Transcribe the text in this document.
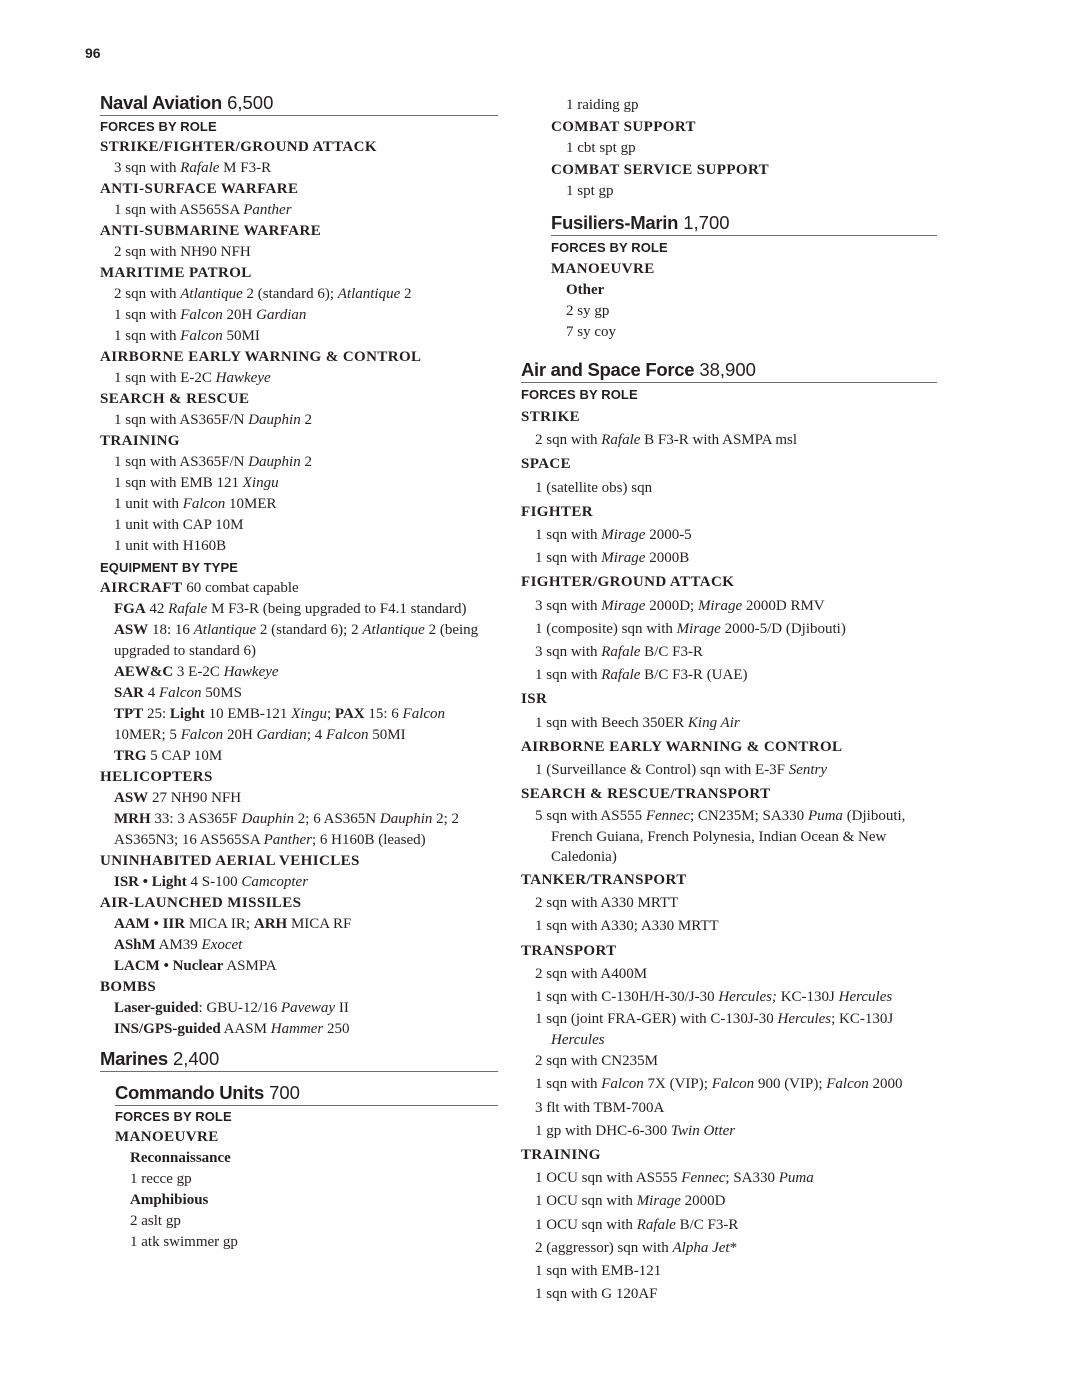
96
Naval Aviation 6,500
FORCES BY ROLE
STRIKE/FIGHTER/GROUND ATTACK
3 sqn with Rafale M F3-R
ANTI-SURFACE WARFARE
1 sqn with AS565SA Panther
ANTI-SUBMARINE WARFARE
2 sqn with NH90 NFH
MARITIME PATROL
2 sqn with Atlantique 2 (standard 6); Atlantique 2
1 sqn with Falcon 20H Gardian
1 sqn with Falcon 50MI
AIRBORNE EARLY WARNING & CONTROL
1 sqn with E-2C Hawkeye
SEARCH & RESCUE
1 sqn with AS365F/N Dauphin 2
TRAINING
1 sqn with AS365F/N Dauphin 2
1 sqn with EMB 121 Xingu
1 unit with Falcon 10MER
1 unit with CAP 10M
1 unit with H160B
EQUIPMENT BY TYPE
AIRCRAFT 60 combat capable
FGA 42 Rafale M F3-R (being upgraded to F4.1 standard)
ASW 18: 16 Atlantique 2 (standard 6); 2 Atlantique 2 (being upgraded to standard 6)
AEW&C 3 E-2C Hawkeye
SAR 4 Falcon 50MS
TPT 25: Light 10 EMB-121 Xingu; PAX 15: 6 Falcon 10MER; 5 Falcon 20H Gardian; 4 Falcon 50MI
TRG 5 CAP 10M
HELICOPTERS
ASW 27 NH90 NFH
MRH 33: 3 AS365F Dauphin 2; 6 AS365N Dauphin 2; 2 AS365N3; 16 AS565SA Panther; 6 H160B (leased)
UNINHABITED AERIAL VEHICLES
ISR • Light 4 S-100 Camcopter
AIR-LAUNCHED MISSILES
AAM • IIR MICA IR; ARH MICA RF
AShM AM39 Exocet
LACM • Nuclear ASMPA
BOMBS
Laser-guided: GBU-12/16 Paveway II
INS/GPS-guided AASM Hammer 250
Marines 2,400
Commando Units 700
FORCES BY ROLE
MANOEUVRE
Reconnaissance
1 recce gp
Amphibious
2 aslt gp
1 atk swimmer gp
1 raiding gp
COMBAT SUPPORT
1 cbt spt gp
COMBAT SERVICE SUPPORT
1 spt gp
Fusiliers-Marin 1,700
FORCES BY ROLE
MANOEUVRE
Other
2 sy gp
7 sy coy
Air and Space Force 38,900
FORCES BY ROLE
STRIKE
2 sqn with Rafale B F3-R with ASMPA msl
SPACE
1 (satellite obs) sqn
FIGHTER
1 sqn with Mirage 2000-5
1 sqn with Mirage 2000B
FIGHTER/GROUND ATTACK
3 sqn with Mirage 2000D; Mirage 2000D RMV
1 (composite) sqn with Mirage 2000-5/D (Djibouti)
3 sqn with Rafale B/C F3-R
1 sqn with Rafale B/C F3-R (UAE)
ISR
1 sqn with Beech 350ER King Air
AIRBORNE EARLY WARNING & CONTROL
1 (Surveillance & Control) sqn with E-3F Sentry
SEARCH & RESCUE/TRANSPORT
5 sqn with AS555 Fennec; CN235M; SA330 Puma (Djibouti, French Guiana, French Polynesia, Indian Ocean & New Caledonia)
TANKER/TRANSPORT
2 sqn with A330 MRTT
1 sqn with A330; A330 MRTT
TRANSPORT
2 sqn with A400M
1 sqn with C-130H/H-30/J-30 Hercules; KC-130J Hercules
1 sqn (joint FRA-GER) with C-130J-30 Hercules; KC-130J Hercules
2 sqn with CN235M
1 sqn with Falcon 7X (VIP); Falcon 900 (VIP); Falcon 2000
3 flt with TBM-700A
1 gp with DHC-6-300 Twin Otter
TRAINING
1 OCU sqn with AS555 Fennec; SA330 Puma
1 OCU sqn with Mirage 2000D
1 OCU sqn with Rafale B/C F3-R
2 (aggressor) sqn with Alpha Jet*
1 sqn with EMB-121
1 sqn with G 120AF
